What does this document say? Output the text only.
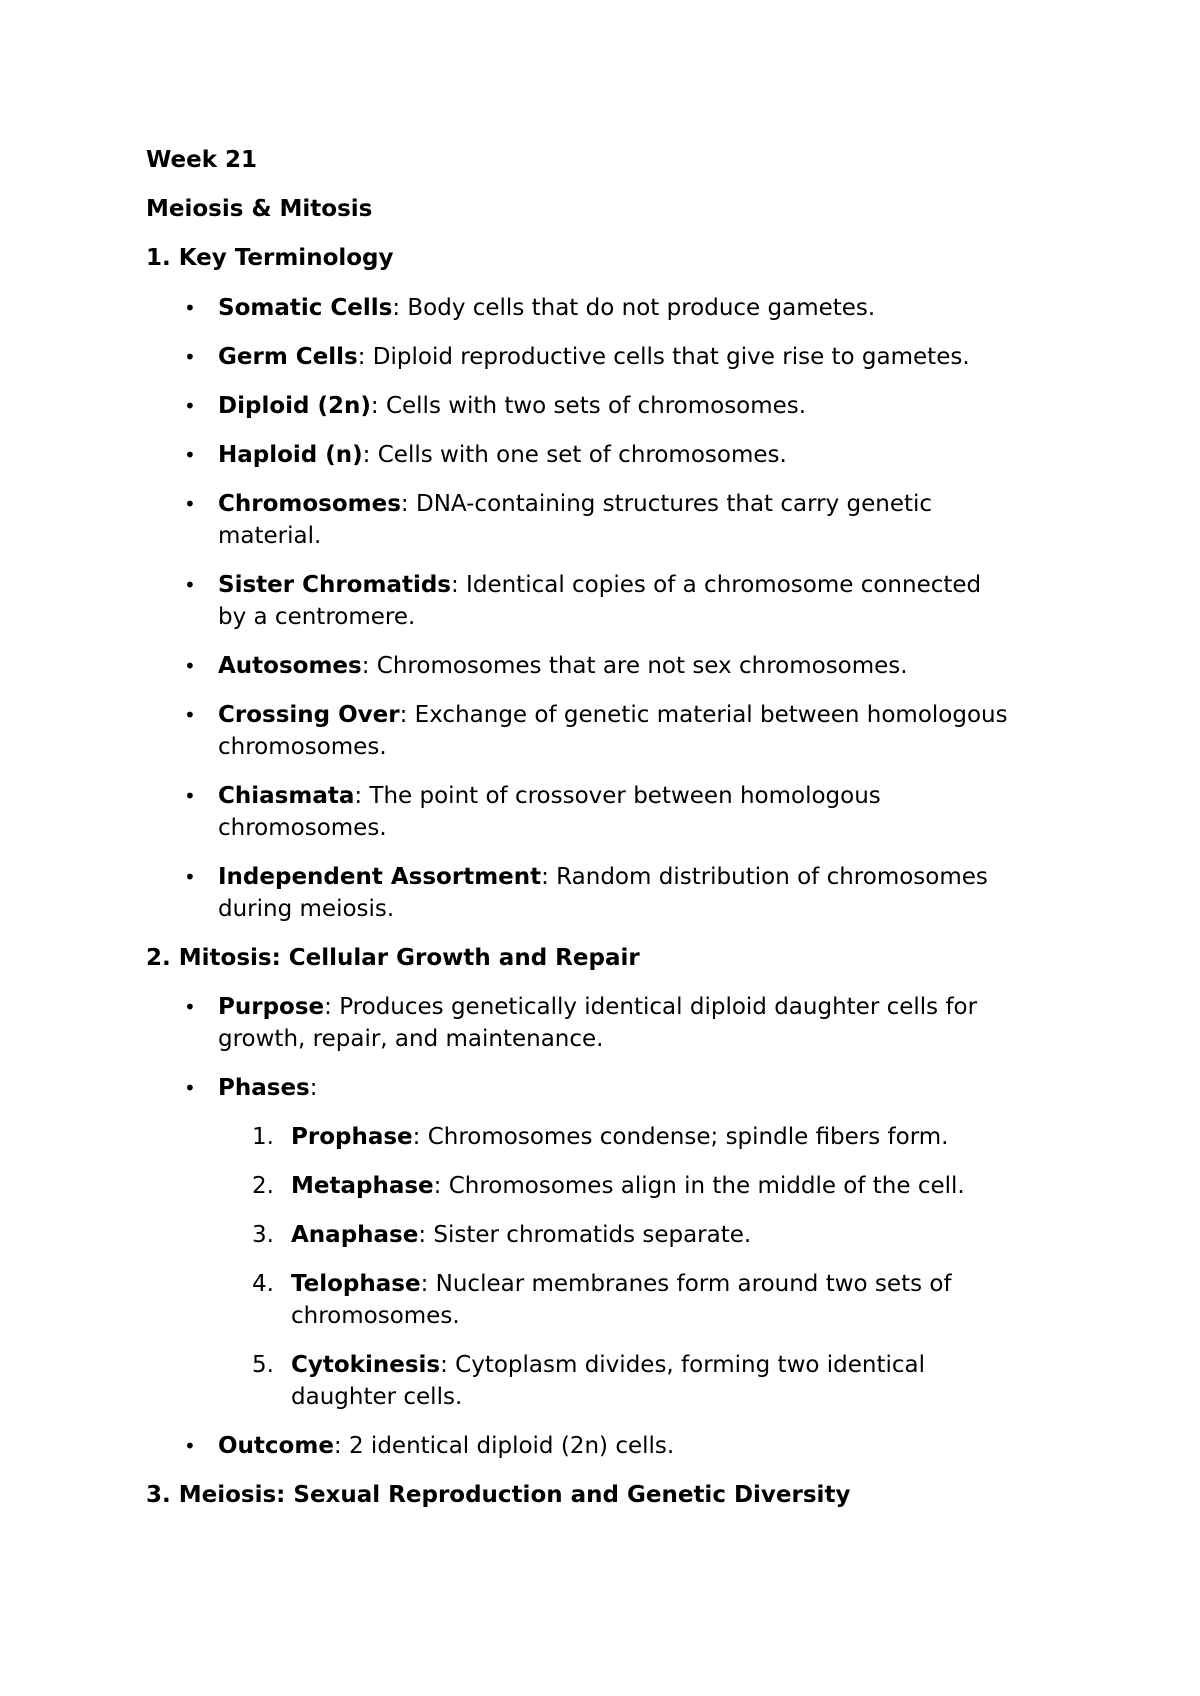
Week 21
Meiosis & Mitosis
1. Key Terminology
• Somatic Cells: Body cells that do not produce gametes.
• Germ Cells: Diploid reproductive cells that give rise to gametes.
• Diploid (2n): Cells with two sets of chromosomes.
• Haploid (n): Cells with one set of chromosomes.
• Chromosomes: DNA-containing structures that carry genetic
material.
• Sister Chromatids: Identical copies of a chromosome connected
by a centromere.
• Autosomes: Chromosomes that are not sex chromosomes.
• Crossing Over: Exchange of genetic material between homologous
chromosomes.
• Chiasmata: The point of crossover between homologous
chromosomes.
• Independent Assortment: Random distribution of chromosomes
during meiosis.
2. Mitosis: Cellular Growth and Repair
• Purpose: Produces genetically identical diploid daughter cells for
growth, repair, and maintenance.
• Phases:
1. Prophase: Chromosomes condense; spindle fibers form.
2. Metaphase: Chromosomes align in the middle of the cell.
3. Anaphase: Sister chromatids separate.
4. Telophase: Nuclear membranes form around two sets of
chromosomes.
5. Cytokinesis: Cytoplasm divides, forming two identical
daughter cells.
• Outcome: 2 identical diploid (2n) cells.
3. Meiosis: Sexual Reproduction and Genetic Diversity
